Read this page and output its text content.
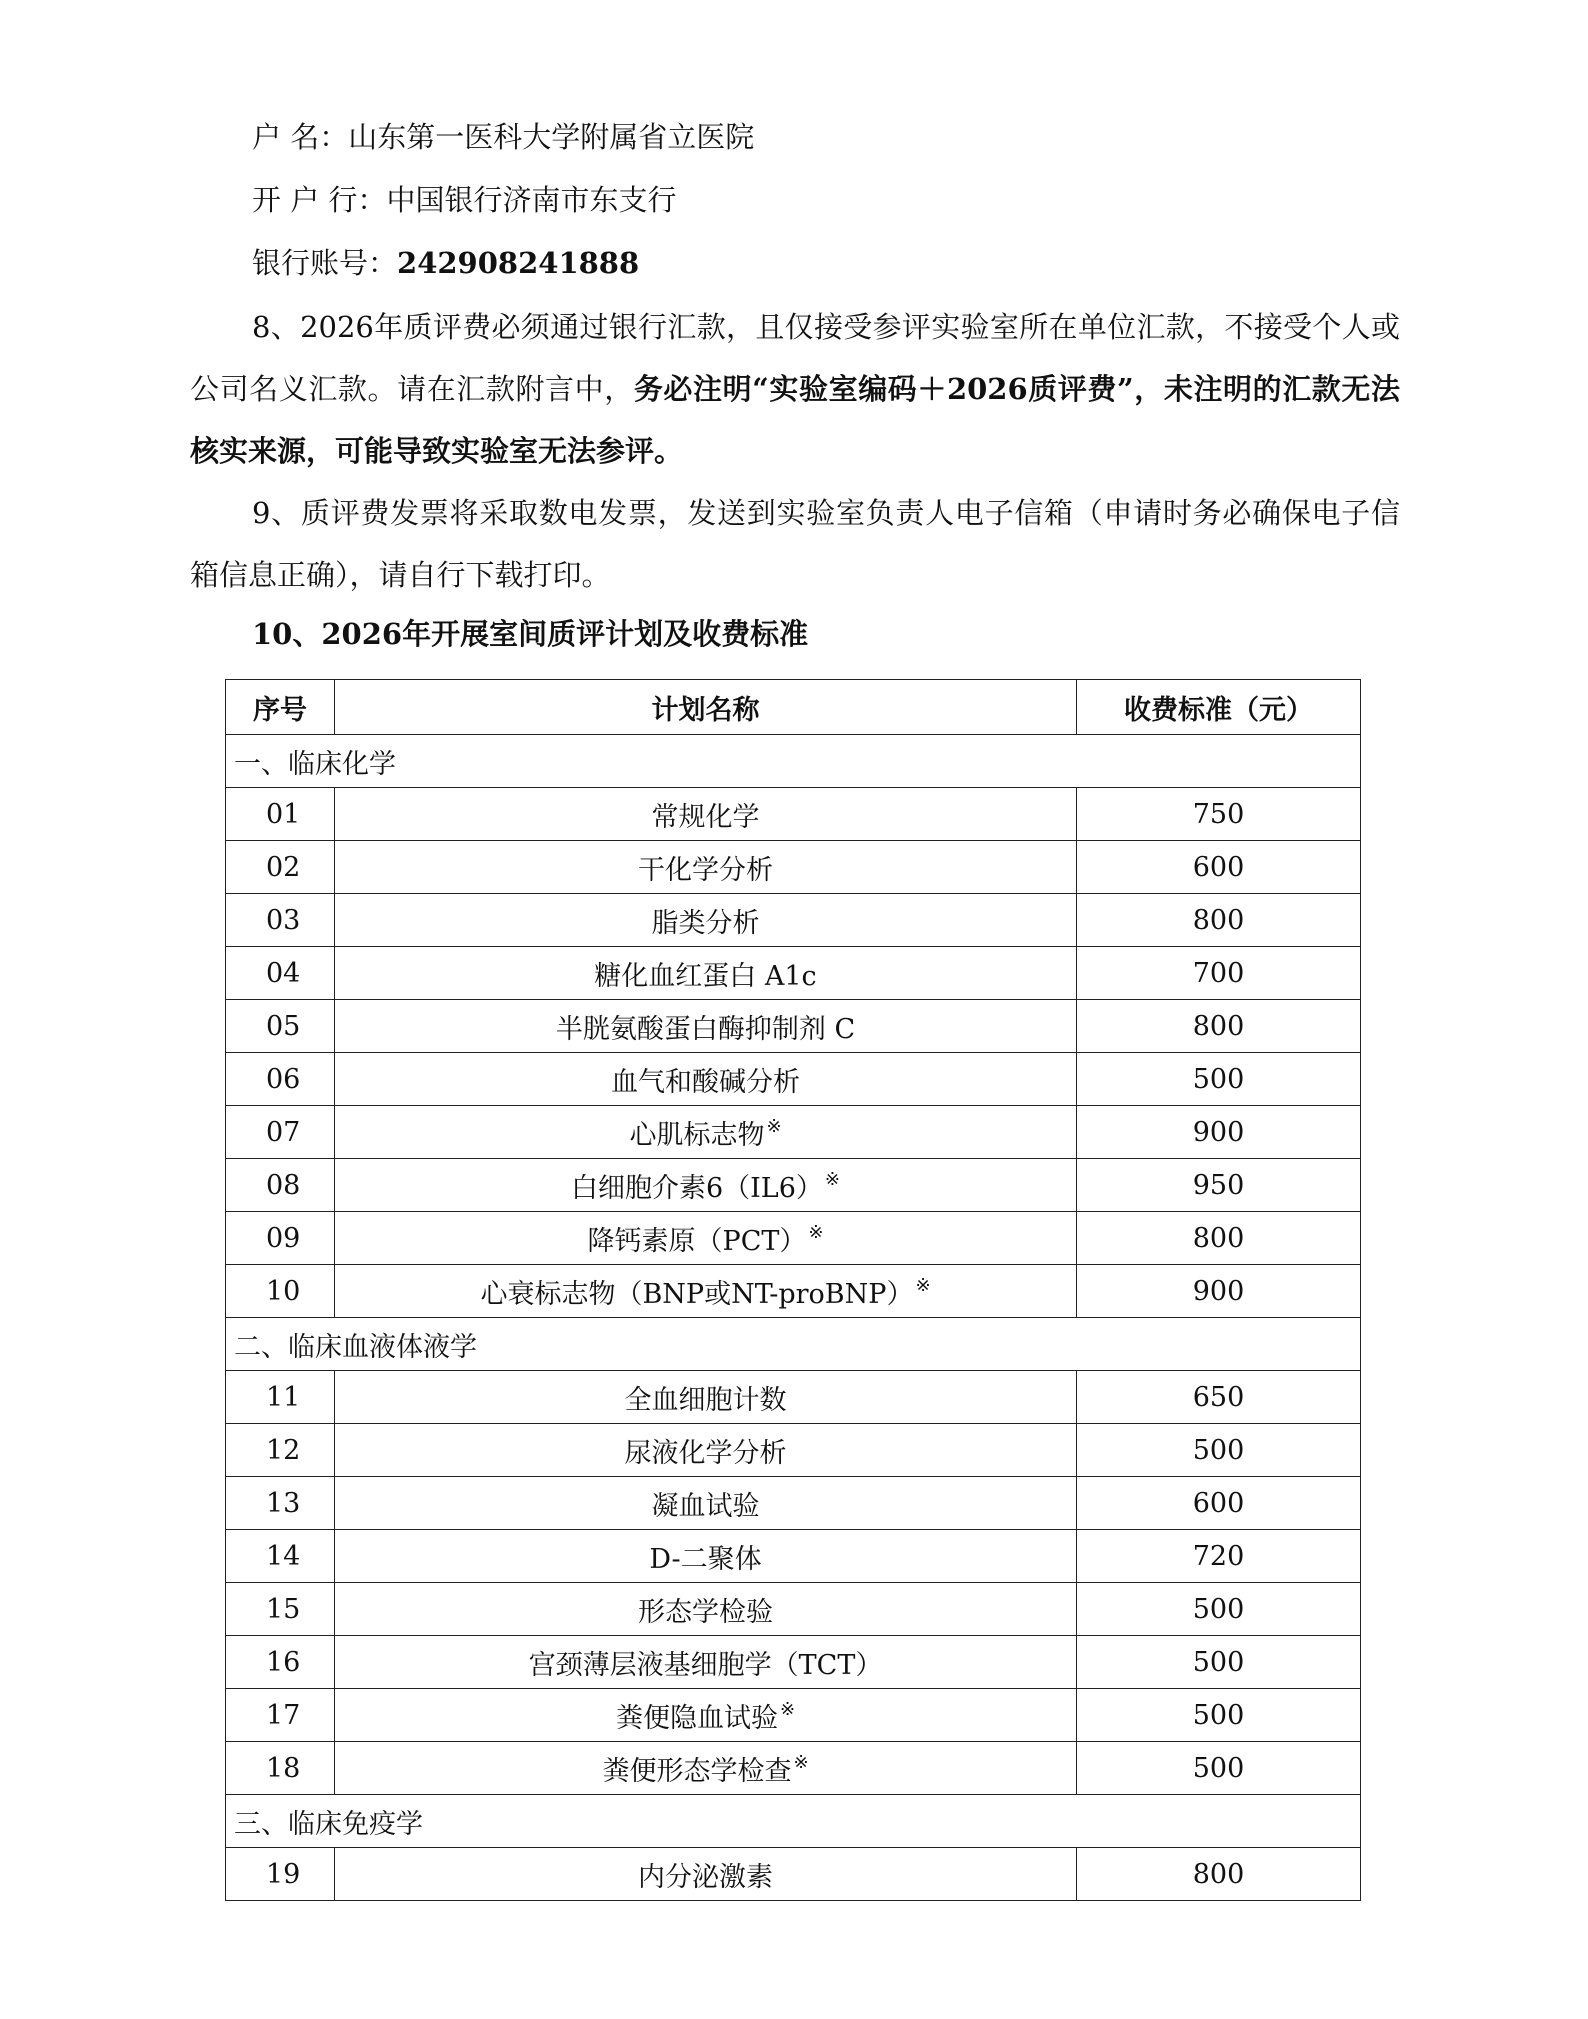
户 名：山东第一医科大学附属省立医院
开 户 行：中国银行济南市东支行
银行账号：242908241888

8、2026年质评费必须通过银行汇款，且仅接受参评实验室所在单位汇款，不接受个人或公司名义汇款。请在汇款附言中，务必注明“实验室编码＋2026质评费”，未注明的汇款无法核实来源，可能导致实验室无法参评。

9、质评费发票将采取数电发票，发送到实验室负责人电子信箱（申请时务必确保电子信箱信息正确），请自行下载打印。

10、2026年开展室间质评计划及收费标准
序号	计划名称	收费标准（元）
一、临床化学		
01	常规化学	750
02	干化学分析	600
03	脂类分析	800
04	糖化血红蛋白 A1c	700
05	半胱氨酸蛋白酶抑制剂 C	800
06	血气和酸碱分析	500
07	心肌标志物 ※	900
08	白细胞介素6（IL6） ※	950
09	降钙素原（PCT） ※	800
10	心衰标志物（BNP或NT-proBNP） ※	900
二、临床血液体液学		
11	全血细胞计数	650
12	尿液化学分析	500
13	凝血试验	600
14	D-二聚体	720
15	形态学检验	500
16	宫颈薄层液基细胞学（TCT）	500
17	粪便隐血试验 ※	500
18	粪便形态学检查 ※	500
三、临床免疫学		
19	内分泌激素	800
